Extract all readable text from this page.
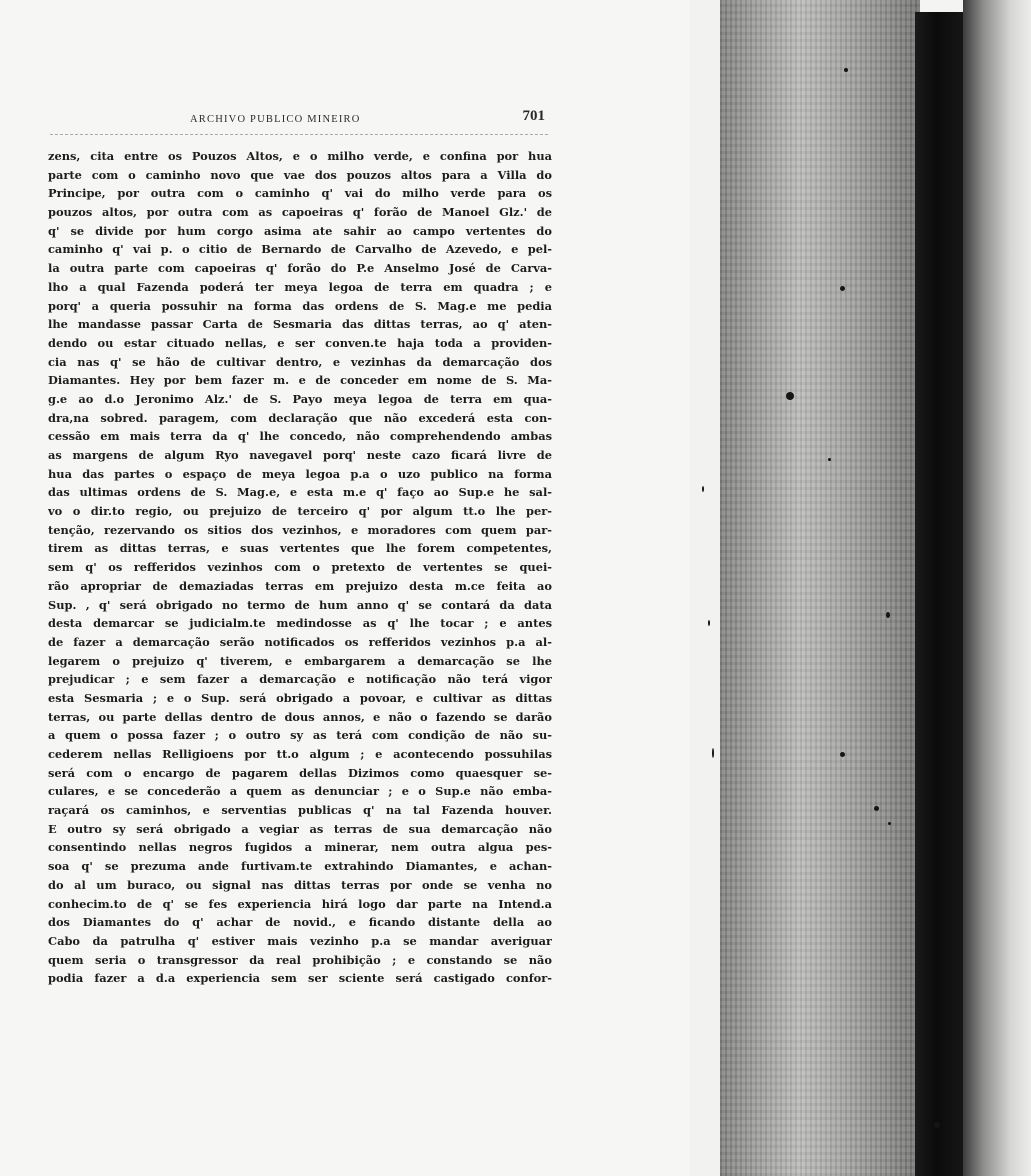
ARCHIVO PUBLICO MINEIRO	701
zens, cita entre os Pouzos Altos, e o milho verde, e confina por hua
parte com o caminho novo que vae dos pouzos altos para a Villa do
Principe, por outra com o caminho q' vai do milho verde para os
pouzos altos, por outra com as capoeiras q' forão de Manoel Glz.' de
q' se divide por hum corgo asima ate sahir ao campo vertentes do
caminho q' vai p. o citio de Bernardo de Carvalho de Azevedo, e pel-
la outra parte com capoeiras q' forão do P.e Anselmo José de Carva-
lho a qual Fazenda poderá ter meya legoa de terra em quadra ; e
porq' a queria possuhir na forma das ordens de S. Mag.e me pedia
lhe mandasse passar Carta de Sesmaria das dittas terras, ao q' aten-
dendo ou estar cituado nellas, e ser conven.te haja toda a providen-
cia nas q' se hão de cultivar dentro, e vezinhas da demarcação dos
Diamantes. Hey por bem fazer m. e de conceder em nome de S. Ma-
g.e ao d.o Jeronimo Alz.' de S. Payo meya legoa de terra em qua-
dra,na sobred. paragem, com declaração que não excederá esta con-
cessão em mais terra da q' lhe concedo, não comprehendendo ambas
as margens de algum Ryo navegavel porq' neste cazo ficará livre de
hua das partes o espaço de meya legoa p.a o uzo publico na forma
das ultimas ordens de S. Mag.e, e esta m.e q' faço ao Sup.e he sal-
vo o dir.to regio, ou prejuizo de terceiro q' por algum tt.o lhe per-
tenção, rezervando os sitios dos vezinhos, e moradores com quem par-
tirem as dittas terras, e suas vertentes que lhe forem competentes,
sem q' os refferidos vezinhos com o pretexto de vertentes se quei-
rão apropriar de demaziadas terras em prejuizo desta m.ce feita ao
Sup. , q' será obrigado no termo de hum anno q' se contará da data
desta demarcar se judicialm.te medindosse as q' lhe tocar ; e antes
de fazer a demarcação serão notificados os refferidos vezinhos p.a al-
legarem o prejuizo q' tiverem, e embargarem a demarcação se lhe
prejudicar ; e sem fazer a demarcação e notificação não terá vigor
esta Sesmaria ; e o Sup. será obrigado a povoar, e cultivar as dittas
terras, ou parte dellas dentro de dous annos, e não o fazendo se darão
a quem o possa fazer ; o outro sy as terá com condição de não su-
cederem nellas Relligioens por tt.o algum ; e acontecendo possuhilas
será com o encargo de pagarem dellas Dizimos como quaesquer se-
culares, e se concederão a quem as denunciar ; e o Sup.e não emba-
raçará os caminhos, e serventias publicas q' na tal Fazenda houver.
E outro sy será obrigado a vegiar as terras de sua demarcação não
consentindo nellas negros fugidos a minerar, nem outra algua pes-
soa q' se prezuma ande furtivam.te extrahindo Diamantes, e achan-
do al um buraco, ou signal nas dittas terras por onde se venha no
conhecim.to de q' se fes experiencia hirá logo dar parte na Intend.a
dos Diamantes do q' achar de novid., e ficando distante della ao
Cabo da patrulha q' estiver mais vezinho p.a se mandar averiguar
quem seria o transgressor da real prohibição ; e constando se não
podia fazer a d.a experiencia sem ser sciente será castigado confor-
